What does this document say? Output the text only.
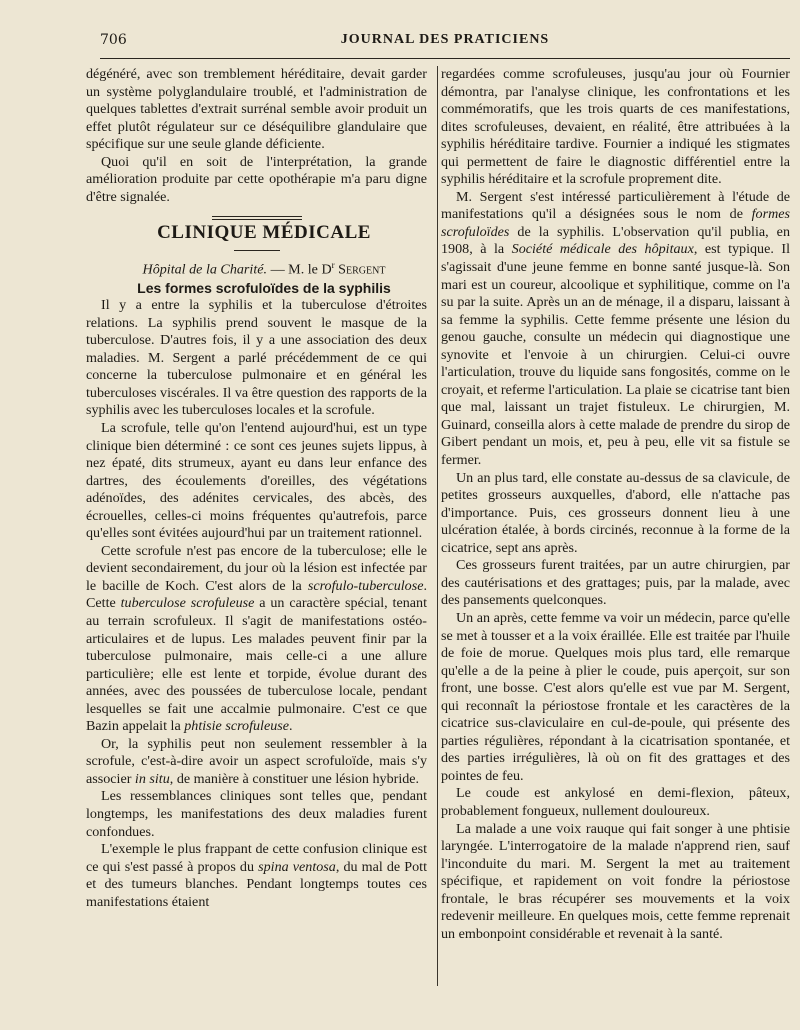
706	JOURNAL DES PRATICIENS

dégénéré, avec son tremblement héréditaire, devait garder un système polyglandulaire troublé, et l'administration de quelques tablettes d'extrait surrénal semble avoir produit un effet plutôt régulateur sur ce déséquilibre glandulaire que spécifique sur une seule glande déficiente.

Quoi qu'il en soit de l'interprétation, la grande amélioration produite par cette opothérapie m'a paru digne d'être signalée.

CLINIQUE MÉDICALE

Hôpital de la Charité. — M. le $D^r$ Sergent

Les formes scrofuloïdes de la syphilis

Il y a entre la syphilis et la tuberculose d'étroites relations. La syphilis prend souvent le masque de la tuberculose. D'autres fois, il y a une association des deux maladies. M. Sergent a parlé précédemment de ce qui concerne la tuberculose pulmonaire et en général les tuberculoses viscérales. Il va être question des rapports de la syphilis avec les tuberculoses locales et la scrofule.

La scrofule, telle qu'on l'entend aujourd'hui, est un type clinique bien déterminé : ce sont ces jeunes sujets lippus, à nez épaté, dits strumeux, ayant eu dans leur enfance des dartres, des écoulements d'oreilles, des végétations adénoïdes, des adénites cervicales, des abcès, des écrouelles, celles-ci moins fréquentes qu'autrefois, parce qu'elles sont évitées aujourd'hui par un traitement rationnel.

Cette scrofule n'est pas encore de la tuberculose; elle le devient secondairement, du jour où la lésion est infectée par le bacille de Koch. C'est alors de la scrofulo-tuberculose. Cette tuberculose scrofuleuse a un caractère spécial, tenant au terrain scrofuleux. Il s'agit de manifestations ostéo-articulaires et de lupus. Les malades peuvent finir par la tuberculose pulmonaire, mais celle-ci a une allure particulière; elle est lente et torpide, évolue durant des années, avec des poussées de tuberculose locale, pendant lesquelles se fait une accalmie pulmonaire. C'est ce que Bazin appelait la phtisie scrofuleuse.

Or, la syphilis peut non seulement ressembler à la scrofule, c'est-à-dire avoir un aspect scrofuloïde, mais s'y associer in situ, de manière à constituer une lésion hybride.

Les ressemblances cliniques sont telles que, pendant longtemps, les manifestations des deux maladies furent confondues.

L'exemple le plus frappant de cette confusion clinique est ce qui s'est passé à propos du spina ventosa, du mal de Pott et des tumeurs blanches. Pendant longtemps toutes ces manifestations étaient

regardées comme scrofuleuses, jusqu'au jour où Fournier démontra, par l'analyse clinique, les confrontations et les commémoratifs, que les trois quarts de ces manifestations, dites scrofuleuses, devaient, en réalité, être attribuées à la syphilis héréditaire tardive. Fournier a indiqué les stigmates qui permettent de faire le diagnostic différentiel entre la syphilis héréditaire et la scrofule proprement dite.

M. Sergent s'est intéressé particulièrement à l'étude de manifestations qu'il a désignées sous le nom de formes scrofuloïdes de la syphilis. L'observation qu'il publia, en 1908, à la Société médicale des hôpitaux, est typique. Il s'agissait d'une jeune femme en bonne santé jusque-là. Son mari est un coureur, alcoolique et syphilitique, comme on l'a su par la suite. Après un an de ménage, il a disparu, laissant à sa femme la syphilis. Cette femme présente une lésion du genou gauche, consulte un médecin qui diagnostique une synovite et l'envoie à un chirurgien. Celui-ci ouvre l'articulation, trouve du liquide sans fongosités, comme on le croyait, et referme l'articulation. La plaie se cicatrise tant bien que mal, laissant un trajet fistuleux. Le chirurgien, M. Guinard, conseilla alors à cette malade de prendre du sirop de Gibert pendant un mois, et, peu à peu, elle vit sa fistule se fermer.

Un an plus tard, elle constate au-dessus de sa clavicule, de petites grosseurs auxquelles, d'abord, elle n'attache pas d'importance. Puis, ces grosseurs donnent lieu à une ulcération étalée, à bords circinés, reconnue à la forme de la cicatrice, sept ans après.

Ces grosseurs furent traitées, par un autre chirurgien, par des cautérisations et des grattages; puis, par la malade, avec des pansements quelconques.

Un an après, cette femme va voir un médecin, parce qu'elle se met à tousser et a la voix éraillée. Elle est traitée par l'huile de foie de morue. Quelques mois plus tard, elle remarque qu'elle a de la peine à plier le coude, puis aperçoit, sur son front, une bosse. C'est alors qu'elle est vue par M. Sergent, qui reconnaît la périostose frontale et les caractères de la cicatrice sus-claviculaire en cul-de-poule, qui présente des parties régulières, répondant à la cicatrisation spontanée, et des parties irrégulières, là où on fit des grattages et des pointes de feu.

Le coude est ankylosé en demi-flexion, pâteux, probablement fongueux, nullement douloureux.

La malade a une voix rauque qui fait songer à une phtisie laryngée. L'interrogatoire de la malade n'apprend rien, sauf l'inconduite du mari. M. Sergent la met au traitement spécifique, et rapidement on voit fondre la périostose frontale, le bras récupérer ses mouvements et la voix redevenir meilleure. En quelques mois, cette femme reprenait un embonpoint considérable et revenait à la santé.
